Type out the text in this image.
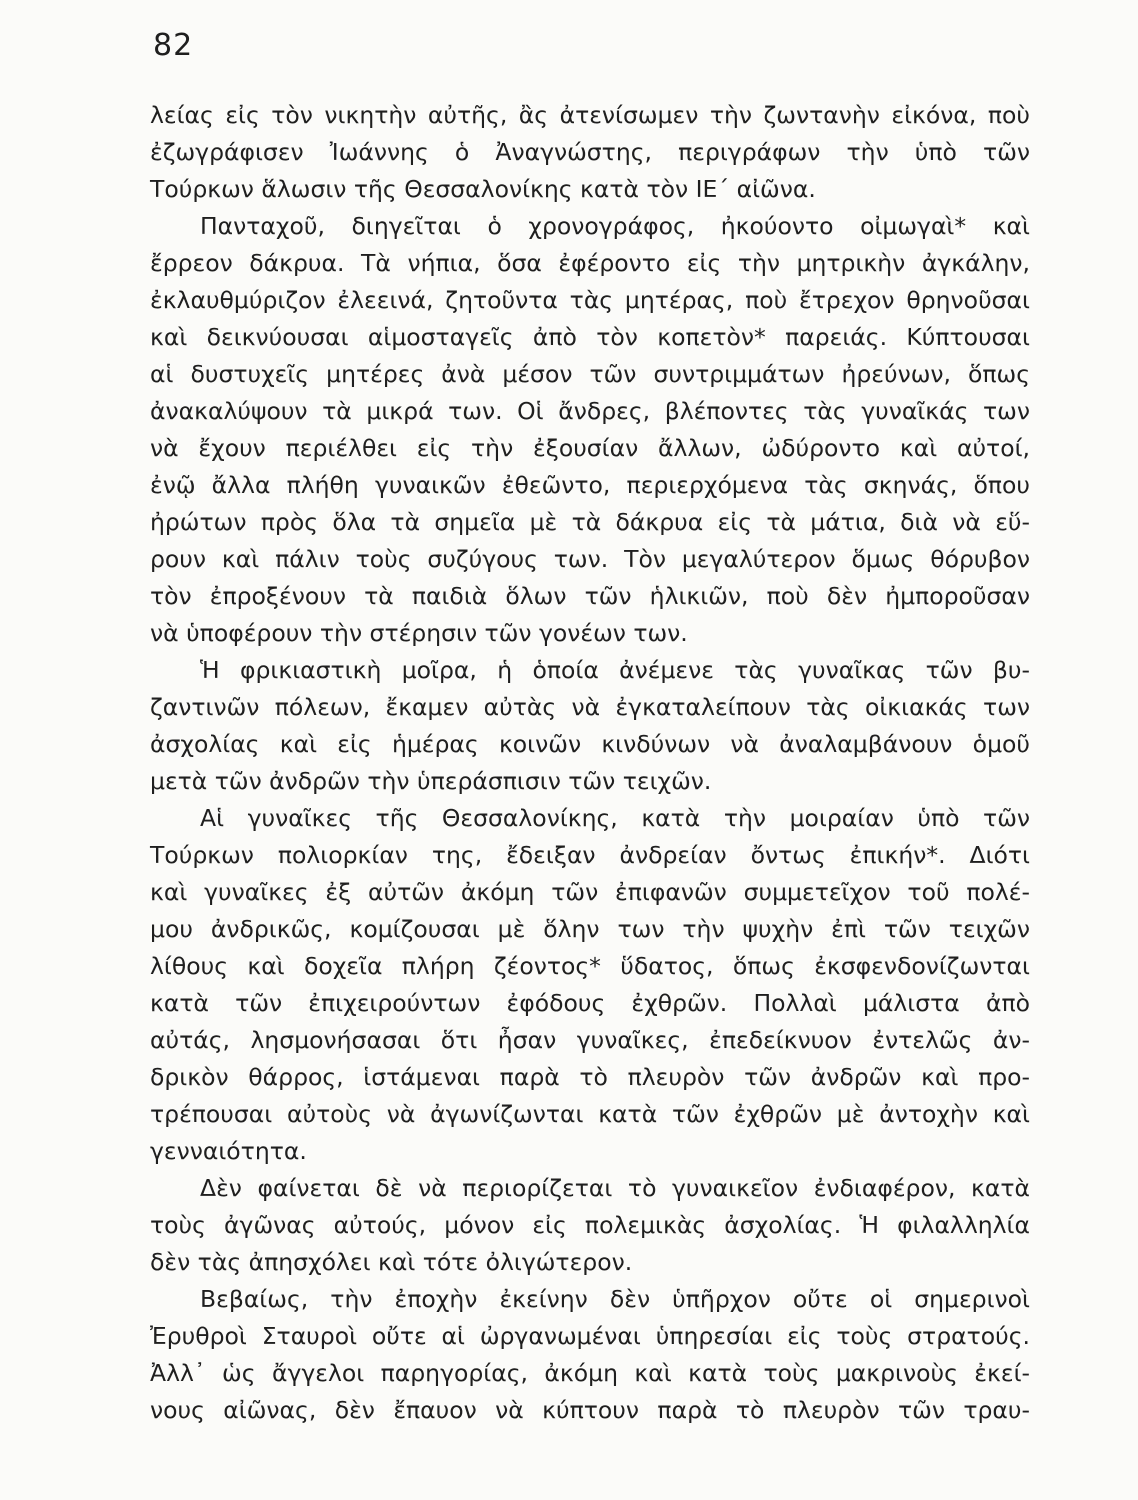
82
λείας εἰς τὸν νικητὴν αὐτῆς, ἂς ἀτενίσωμεν τὴν ζωντανὴν εἰκόνα, ποὺ
ἐζωγράφισεν Ἰωάννης ὁ Ἀναγνώστης, περιγράφων τὴν ὑπὸ τῶν
Τούρκων ἅλωσιν τῆς Θεσσαλονίκης κατὰ τὸν ΙΕ΄ αἰῶνα.
Πανταχοῦ, διηγεῖται ὁ χρονογράφος, ἠκούοντο οἰμωγαὶ* καὶ
ἔρρεον δάκρυα. Τὰ νήπια, ὅσα ἐφέροντο εἰς τὴν μητρικὴν ἀγκάλην,
ἐκλαυθμύριζον ἐλεεινά, ζητοῦντα τὰς μητέρας, ποὺ ἔτρεχον θρηνοῦσαι
καὶ δεικνύουσαι αἱμοσταγεῖς ἀπὸ τὸν κοπετὸν* παρειάς. Κύπτουσαι
αἱ δυστυχεῖς μητέρες ἀνὰ μέσον τῶν συντριμμάτων ἠρεύνων, ὅπως
ἀνακαλύψουν τὰ μικρά των. Οἱ ἄνδρες, βλέποντες τὰς γυναῖκάς των
νὰ ἔχουν περιέλθει εἰς τὴν ἐξουσίαν ἄλλων, ὠδύροντο καὶ αὐτοί,
ἐνῷ ἄλλα πλήθη γυναικῶν ἐθεῶντο, περιερχόμενα τὰς σκηνάς, ὅπου
ἠρώτων πρὸς ὅλα τὰ σημεῖα μὲ τὰ δάκρυα εἰς τὰ μάτια, διὰ νὰ εὕ-
ρουν καὶ πάλιν τοὺς συζύγους των. Τὸν μεγαλύτερον ὅμως θόρυβον
τὸν ἐπροξένουν τὰ παιδιὰ ὅλων τῶν ἡλικιῶν, ποὺ δὲν ἠμποροῦσαν
νὰ ὑποφέρουν τὴν στέρησιν τῶν γονέων των.
Ἡ φρικιαστικὴ μοῖρα, ἡ ὁποία ἀνέμενε τὰς γυναῖκας τῶν βυ-
ζαντινῶν πόλεων, ἔκαμεν αὐτὰς νὰ ἐγκαταλείπουν τὰς οἰκιακάς των
ἀσχολίας καὶ εἰς ἡμέρας κοινῶν κινδύνων νὰ ἀναλαμβάνουν ὁμοῦ
μετὰ τῶν ἀνδρῶν τὴν ὑπεράσπισιν τῶν τειχῶν.
Αἱ γυναῖκες τῆς Θεσσαλονίκης, κατὰ τὴν μοιραίαν ὑπὸ τῶν
Τούρκων πολιορκίαν της, ἔδειξαν ἀνδρείαν ὄντως ἐπικήν*. Διότι
καὶ γυναῖκες ἐξ αὐτῶν ἀκόμη τῶν ἐπιφανῶν συμμετεῖχον τοῦ πολέ-
μου ἀνδρικῶς, κομίζουσαι μὲ ὅλην των τὴν ψυχὴν ἐπὶ τῶν τειχῶν
λίθους καὶ δοχεῖα πλήρη ζέοντος* ὕδατος, ὅπως ἐκσφενδονίζωνται
κατὰ τῶν ἐπιχειρούντων ἐφόδους ἐχθρῶν. Πολλαὶ μάλιστα ἀπὸ
αὐτάς, λησμονήσασαι ὅτι ἦσαν γυναῖκες, ἐπεδείκνυον ἐντελῶς ἀν-
δρικὸν θάρρος, ἱστάμεναι παρὰ τὸ πλευρὸν τῶν ἀνδρῶν καὶ προ-
τρέπουσαι αὐτοὺς νὰ ἀγωνίζωνται κατὰ τῶν ἐχθρῶν μὲ ἀντοχὴν καὶ
γενναιότητα.
Δὲν φαίνεται δὲ νὰ περιορίζεται τὸ γυναικεῖον ἐνδιαφέρον, κατὰ
τοὺς ἀγῶνας αὐτούς, μόνον εἰς πολεμικὰς ἀσχολίας. Ἡ φιλαλληλία
δὲν τὰς ἀπησχόλει καὶ τότε ὀλιγώτερον.
Βεβαίως, τὴν ἐποχὴν ἐκείνην δὲν ὑπῆρχον οὔτε οἱ σημερινοὶ
Ἐρυθροὶ Σταυροὶ οὔτε αἱ ὠργανωμέναι ὑπηρεσίαι εἰς τοὺς στρατούς.
Ἀλλ᾽ ὡς ἄγγελοι παρηγορίας, ἀκόμη καὶ κατὰ τοὺς μακρινοὺς ἐκεί-
νους αἰῶνας, δὲν ἔπαυον νὰ κύπτουν παρὰ τὸ πλευρὸν τῶν τραυ-
